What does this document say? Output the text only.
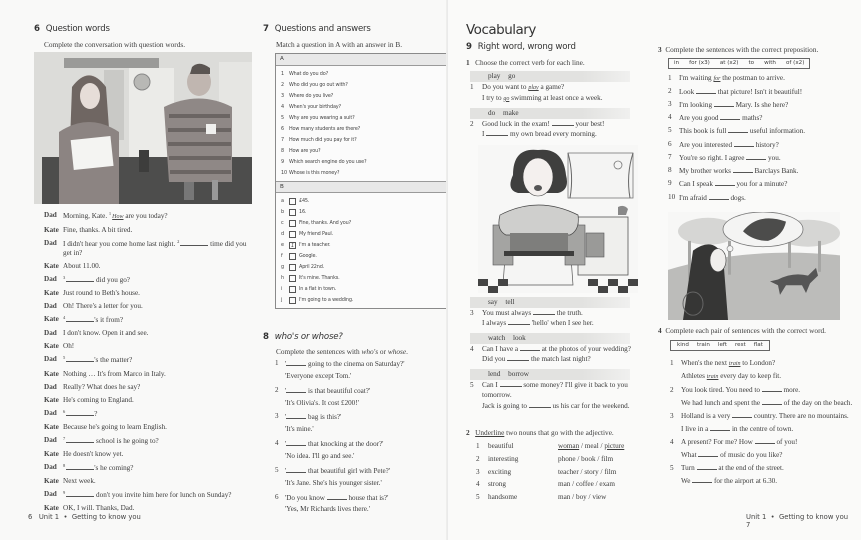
6 Question words
Complete the conversation with question words.
Dad Morning, Kate. $^1$How are you today?
Kate Fine, thanks. A bit tired.
Dad I didn't hear you come home last night. $^2$	time did you get in?
Kate About 11.00.
Dad	$^3$	did you go?
Kate Just round to Beth's house.
Dad Oh! There's a letter for you.
Kate $^4$	's it from?
Dad I don't know. Open it and see.
Kate Oh!
Dad	$^5$	's the matter?
Kate Nothing … It's from Marco in Italy.
Dad Really? What does he say?
Kate He's coming to England.
Dad	$^6$	?
Kate Because he's going to learn English.
Dad	$^7$	school is he going to?
Kate He doesn't know yet.
Dad	$^8$	's he coming?
Kate Next week.
Dad	$^9$	don't you invite him here for lunch on Sunday?
Kate OK, I will. Thanks, Dad.
7 Questions and answers
Match a question in A with an answer in B.
A
1	What do you do?
2	Who did you go out with?
3	Where do you live?
4	When's your birthday?
5	Why are you wearing a suit?
6	How many students are there?
7	How much did you pay for it?
8	How are you?
9	Which search engine do you use?
10 Whose is this money?
B
a	£45.
b	16.
c	Fine, thanks. And you?
d	My friend Paul.
e	1	I'm a teacher.
f	Google.
g	April 22nd.
h	It's mine. Thanks.
i	In a flat in town.
j	I'm going to a wedding.
8 who's or whose?
Complete the sentences with who's or whose.
1 '	going to the cinema on Saturday?'
'Everyone except Tom.'
2 '	is that beautiful coat?'
'It's Olivia's. It cost £200!'
3 '	bag is this?'
'It's mine.'
4 '	that knocking at the door?'
'No idea. I'll go and see.'
5 '	that beautiful girl with Pete?'
'It's Jane. She's his younger sister.'
6 'Do you know	house that is?'
'Yes, Mr Richards lives there.'
6 Unit 1 • Getting to know you
Vocabulary
9 Right word, wrong word
1 Choose the correct verb for each line.
play go
1 Do you want to play a game?
I try to go swimming at least once a week.
do make
2 Good luck in the exam!	your best!
I	my own bread every morning.
say tell
3 You must always	the truth.
I always	'hello' when I see her.
watch look
4 Can I have a	at the photos of your wedding?
Did you	the match last night?
lend borrow
5	Can I	some money? I'll give it back to you tomorrow.
Jack is going to	us his car for the weekend.
2 Underline two nouns that go with the adjective.
1	beautiful	woman / meal / picture
2	interesting	phone / book / film
3	exciting	teacher / story / film
4	strong	man / coffee / exam
5	handsome	man / boy / view
3 Complete the sentences with the correct preposition.
in for (x3) at (x2) to with of (x2)
1	I'm waiting for the postman to arrive.
2	Look	that picture! Isn't it beautiful!
3	I'm looking	Mary. Is she here?
4	Are you good	maths?
5	This book is full	useful information.
6	Are you interested	history?
7	You're so right. I agree	you.
8	My brother works	Barclays Bank.
9	Can I speak	you for a minute?
10 I'm afraid	dogs.
4 Complete each pair of sentences with the correct word.
kind train left rest flat
1	When's the next train to London?
Athletes train every day to keep fit.
2	You look tired. You need to	more.
We had lunch and spent the	of the day on the beach.
3	Holland is a very	country. There are no mountains.
I live in a	in the centre of town.
4	A present? For me? How	of you!
What	of music do you like?
5	Turn	at the end of the street.
We	for the airport at 6.30.
Unit 1 • Getting to know you     7
